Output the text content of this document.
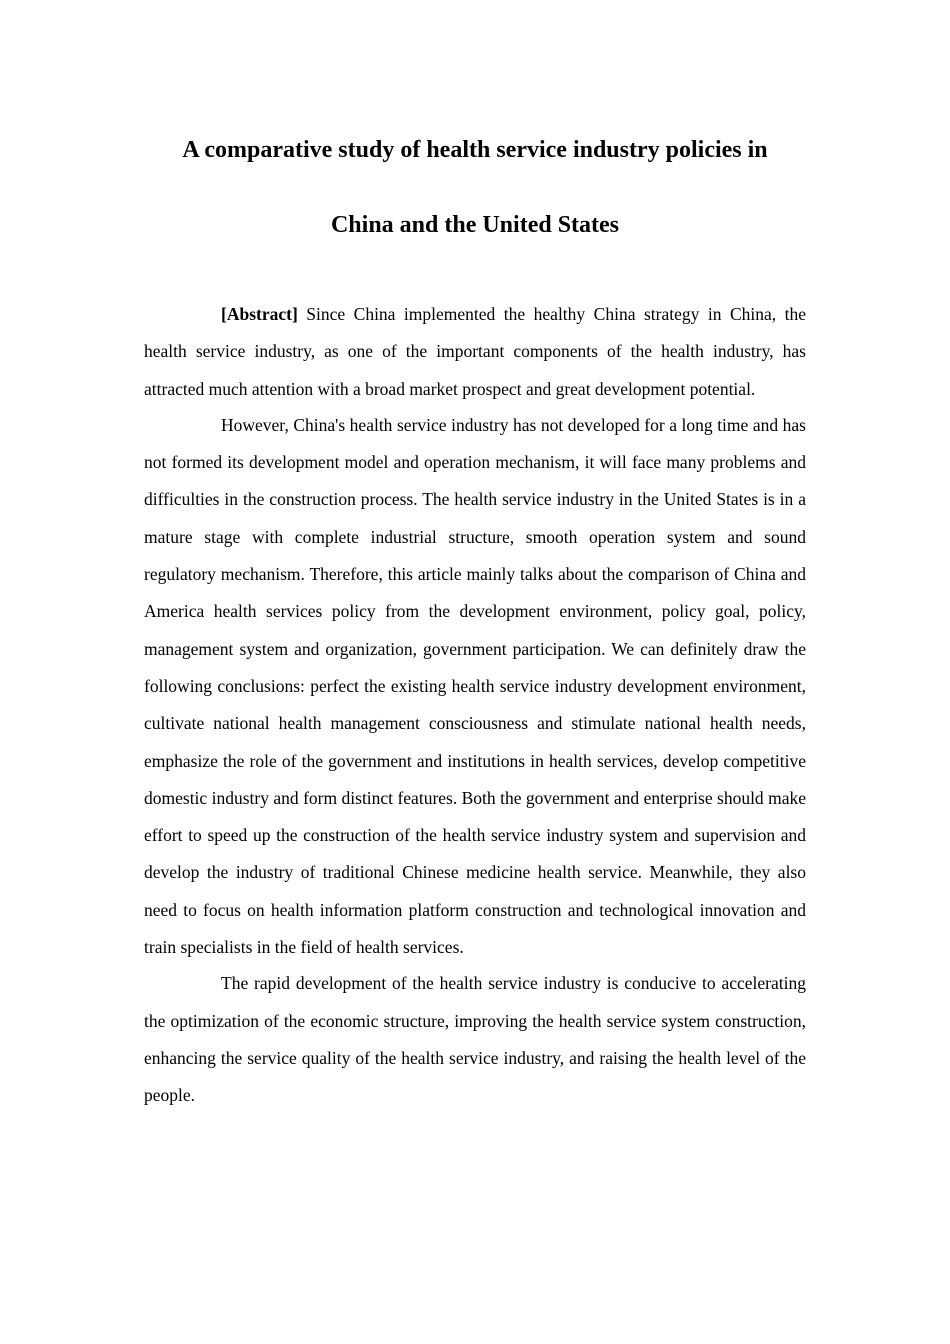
A comparative study of health service industry policies in
China and the United States

[Abstract] Since China implemented the healthy China strategy in China, the health service industry, as one of the important components of the health industry, has attracted much attention with a broad market prospect and great development potential.

However, China's health service industry has not developed for a long time and has not formed its development model and operation mechanism, it will face many problems and difficulties in the construction process. The health service industry in the United States is in a mature stage with complete industrial structure, smooth operation system and sound regulatory mechanism. Therefore, this article mainly talks about the comparison of China and America health services policy from the development environment, policy goal, policy, management system and organization, government participation. We can definitely draw the following conclusions: perfect the existing health service industry development environment, cultivate national health management consciousness and stimulate national health needs, emphasize the role of the government and institutions in health services, develop competitive domestic industry and form distinct features. Both the government and enterprise should make effort to speed up the construction of the health service industry system and supervision and develop the industry of traditional Chinese medicine health service. Meanwhile, they also need to focus on health information platform construction and technological innovation and train specialists in the field of health services.

The rapid development of the health service industry is conducive to accelerating the optimization of the economic structure, improving the health service system construction, enhancing the service quality of the health service industry, and raising the health level of the people.
